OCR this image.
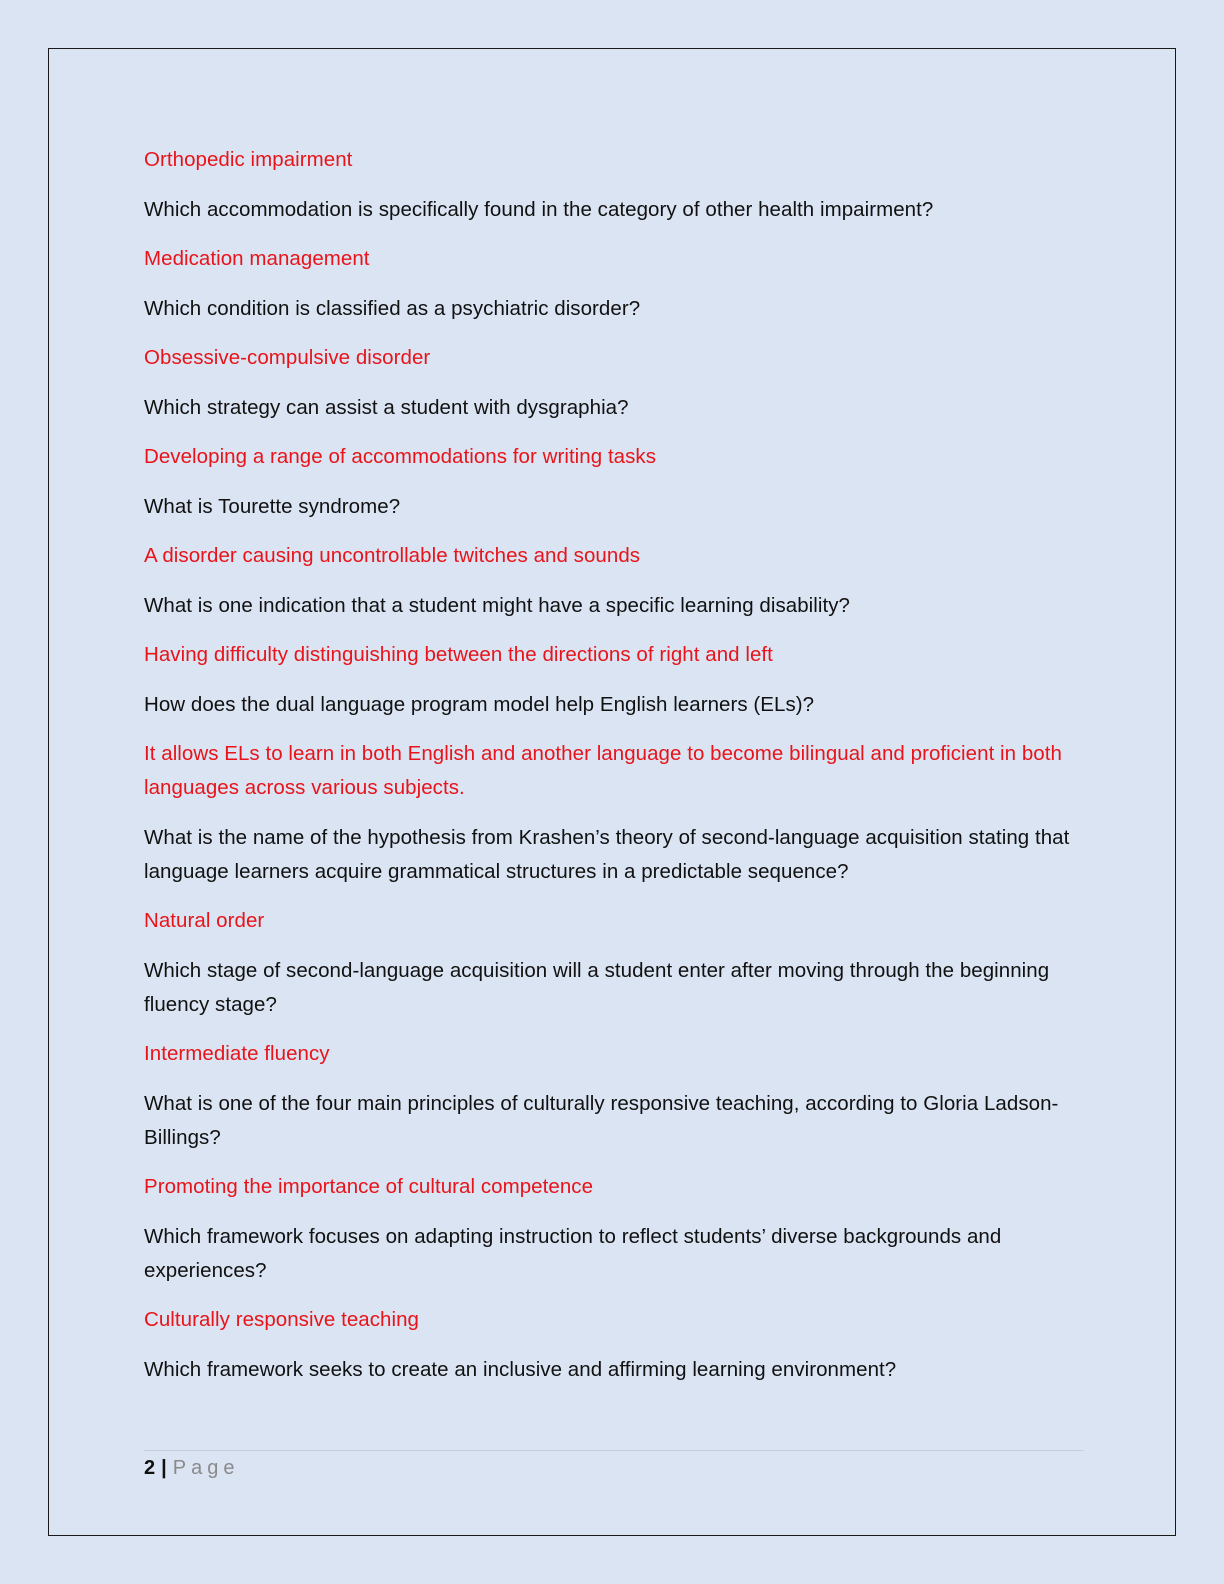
Orthopedic impairment

Which accommodation is specifically found in the category of other health impairment?

Medication management

Which condition is classified as a psychiatric disorder?

Obsessive-compulsive disorder

Which strategy can assist a student with dysgraphia?

Developing a range of accommodations for writing tasks

What is Tourette syndrome?

A disorder causing uncontrollable twitches and sounds

What is one indication that a student might have a specific learning disability?

Having difficulty distinguishing between the directions of right and left

How does the dual language program model help English learners (ELs)?

It allows ELs to learn in both English and another language to become bilingual and proficient in both languages across various subjects.

What is the name of the hypothesis from Krashen’s theory of second-language acquisition stating that language learners acquire grammatical structures in a predictable sequence?

Natural order

Which stage of second-language acquisition will a student enter after moving through the beginning fluency stage?

Intermediate fluency

What is one of the four main principles of culturally responsive teaching, according to Gloria Ladson-Billings?

Promoting the importance of cultural competence

Which framework focuses on adapting instruction to reflect students’ diverse backgrounds and experiences?

Culturally responsive teaching

Which framework seeks to create an inclusive and affirming learning environment?

2 | Page
